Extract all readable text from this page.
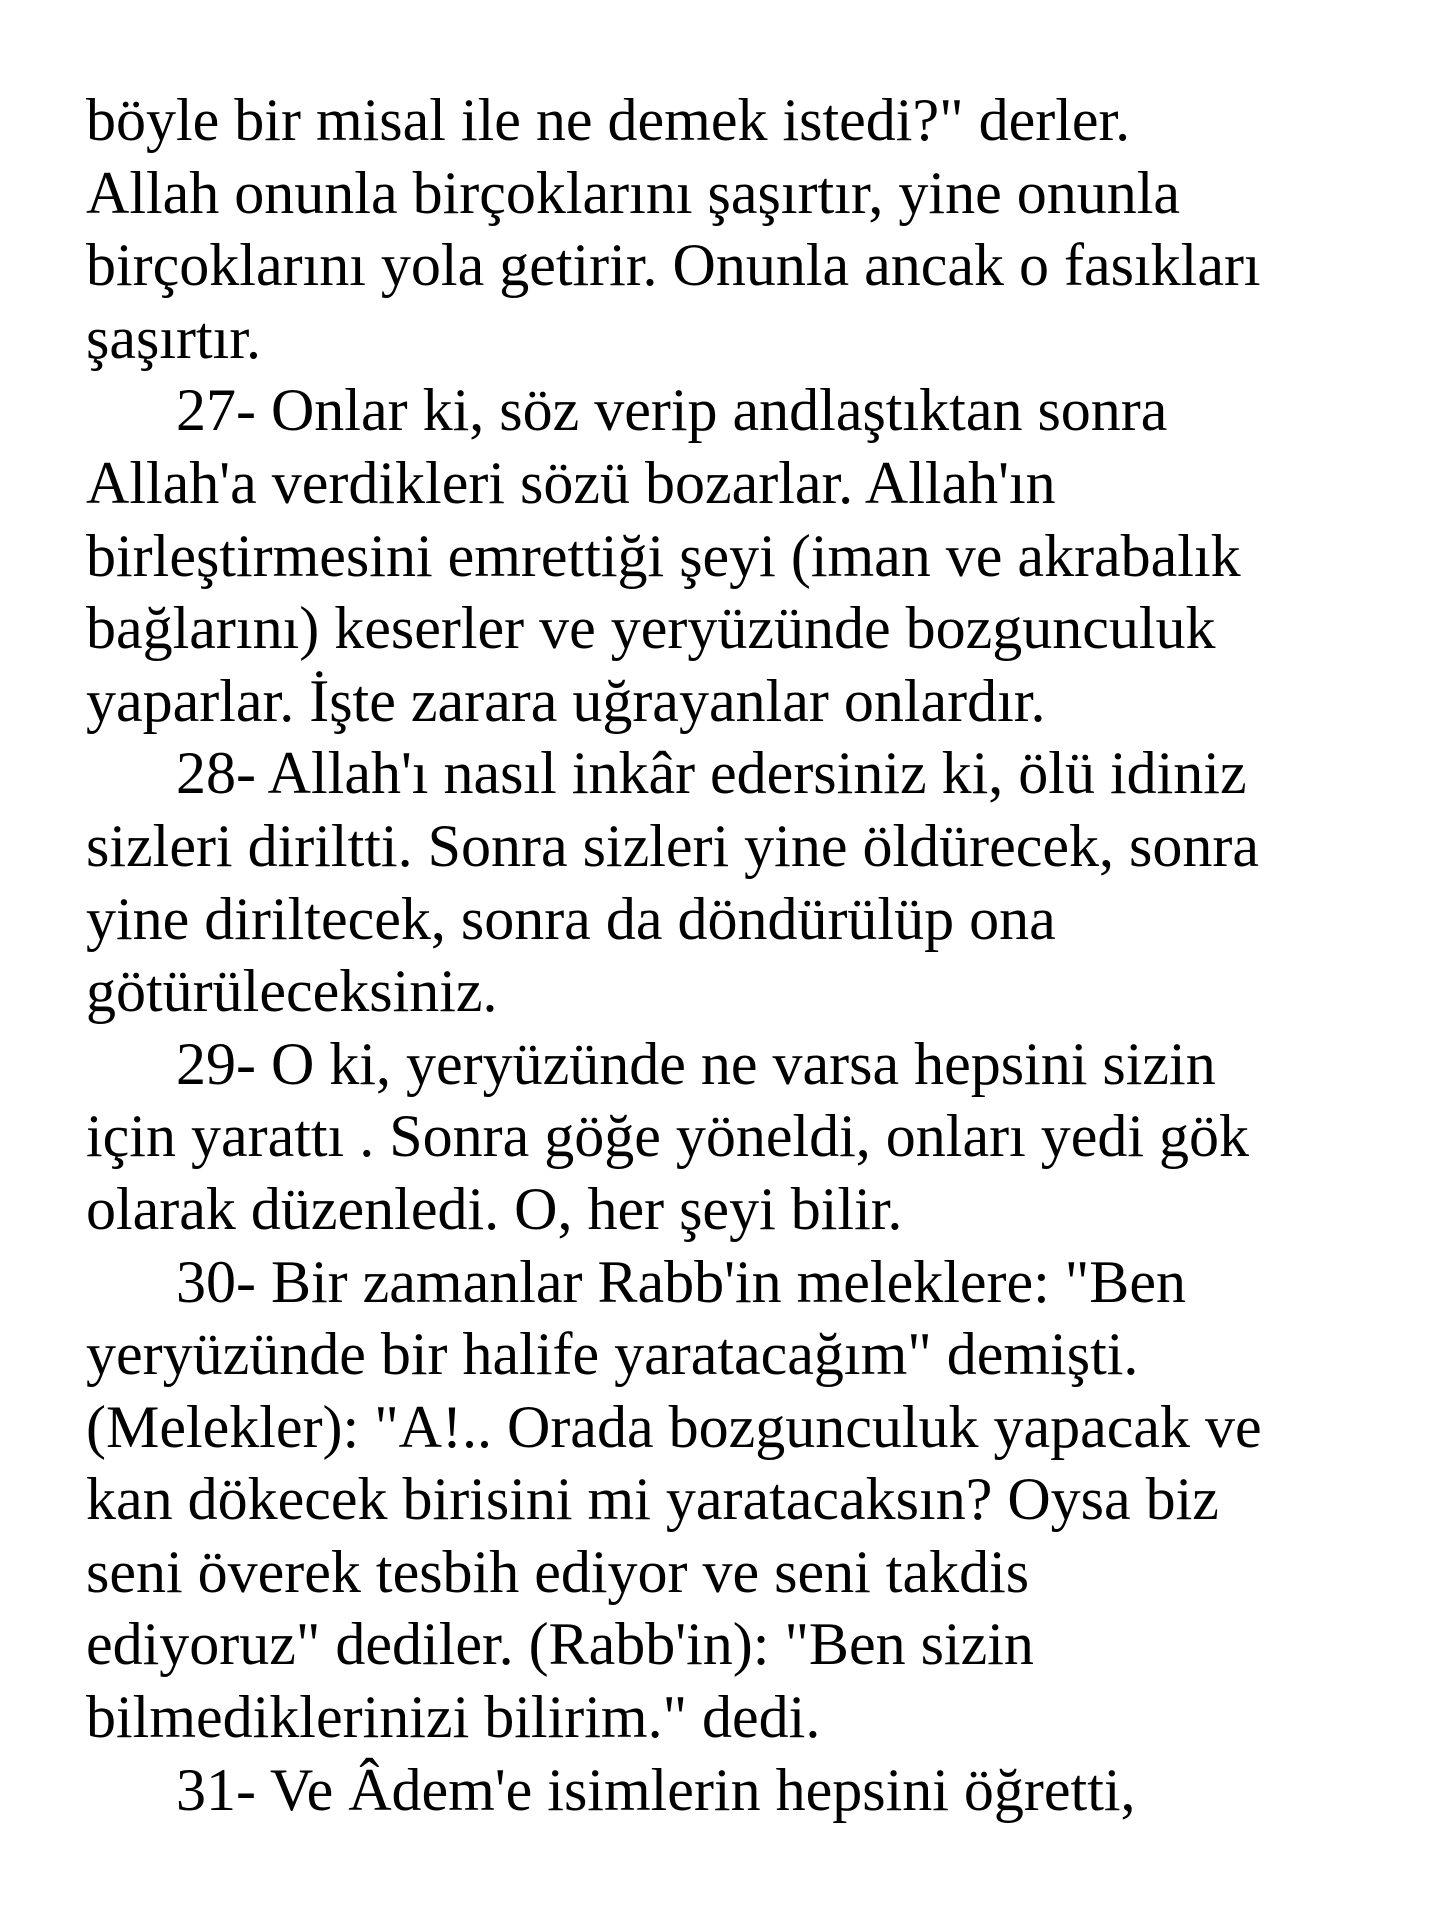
böyle bir misal ile ne demek istedi?" derler.
Allah onunla birçoklarını şaşırtır, yine onunla
birçoklarını yola getirir. Onunla ancak o fasıkları
şaşırtır.
27- Onlar ki, söz verip andlaştıktan sonra
Allah'a verdikleri sözü bozarlar. Allah'ın
birleştirmesini emrettiği şeyi (iman ve akrabalık
bağlarını) keserler ve yeryüzünde bozgunculuk
yaparlar. İşte zarara uğrayanlar onlardır.
28- Allah'ı nasıl inkâr edersiniz ki, ölü idiniz
sizleri diriltti. Sonra sizleri yine öldürecek, sonra
yine diriltecek, sonra da döndürülüp ona
götürüleceksiniz.
29- O ki, yeryüzünde ne varsa hepsini sizin
için yarattı . Sonra göğe yöneldi, onları yedi gök
olarak düzenledi. O, her şeyi bilir.
30- Bir zamanlar Rabb'in meleklere: "Ben
yeryüzünde bir halife yaratacağım" demişti.
(Melekler): "A!.. Orada bozgunculuk yapacak ve
kan dökecek birisini mi yaratacaksın? Oysa biz
seni överek tesbih ediyor ve seni takdis
ediyoruz" dediler. (Rabb'in): "Ben sizin
bilmediklerinizi bilirim." dedi.
31- Ve Âdem'e isimlerin hepsini öğretti,
